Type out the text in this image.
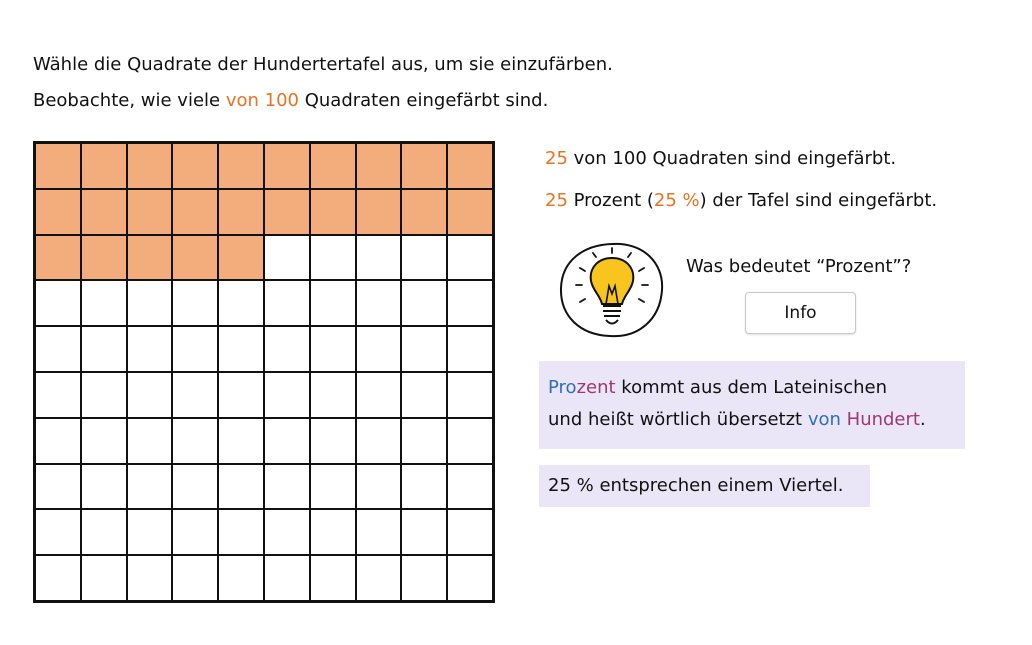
Wähle die Quadrate der Hundertertafel aus, um sie einzufärben.
Beobachte, wie viele von 100 Quadraten eingefärbt sind.
25 von 100 Quadraten sind eingefärbt.
25 Prozent (25 %) der Tafel sind eingefärbt.
Was bedeutet “Prozent”?
Info
Prozent kommt aus dem Lateinischen
und heißt wörtlich übersetzt von Hundert.
25 % entsprechen einem Viertel.
